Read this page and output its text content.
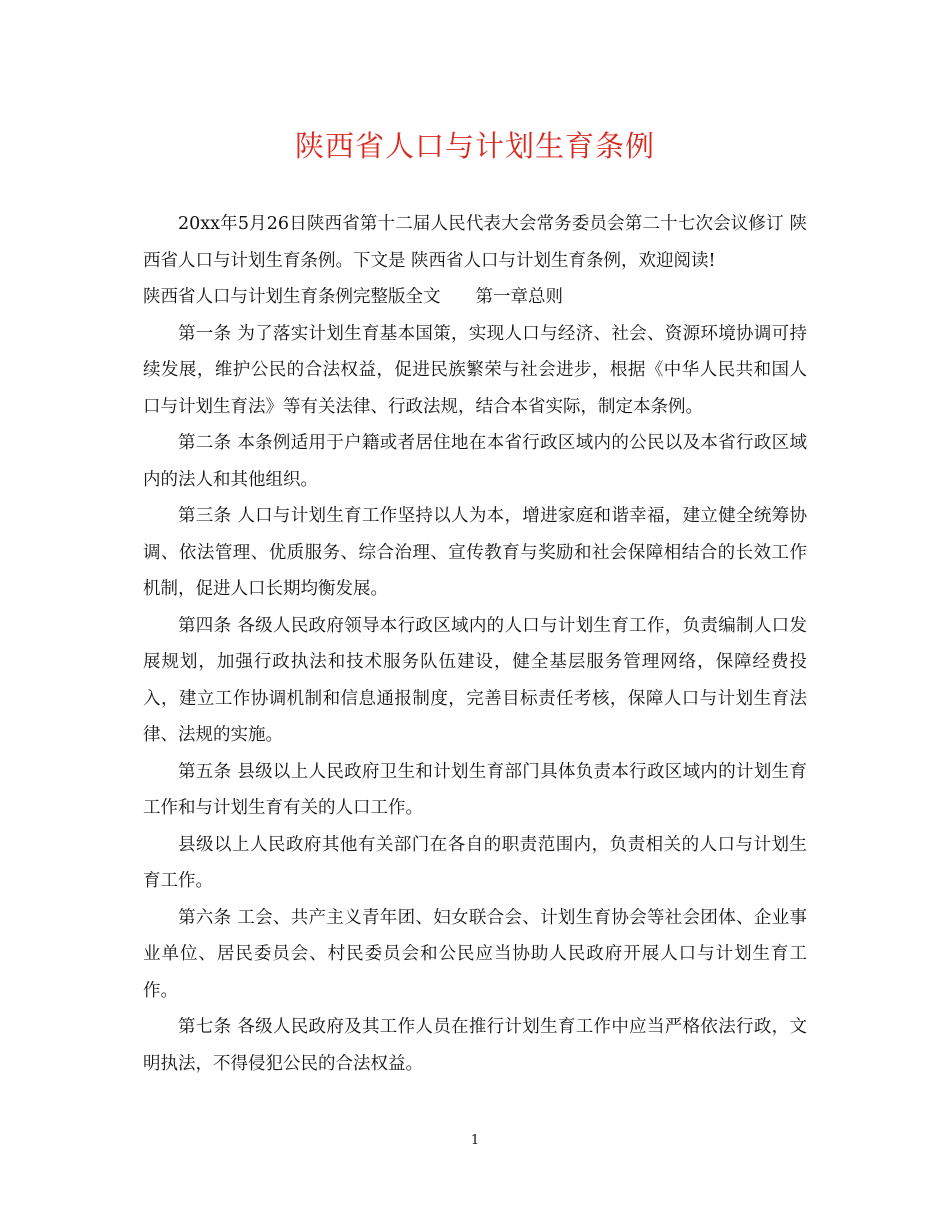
陕西省人口与计划生育条例

20xx年5月26日陕西省第十二届人民代表大会常务委员会第二十七次会议修订 陕西省人口与计划生育条例。下文是 陕西省人口与计划生育条例，欢迎阅读!

陕西省人口与计划生育条例完整版全文　　第一章总则

第一条 为了落实计划生育基本国策，实现人口与经济、社会、资源环境协调可持续发展，维护公民的合法权益，促进民族繁荣与社会进步，根据《中华人民共和国人口与计划生育法》等有关法律、行政法规，结合本省实际，制定本条例。

第二条 本条例适用于户籍或者居住地在本省行政区域内的公民以及本省行政区域内的法人和其他组织。

第三条 人口与计划生育工作坚持以人为本，增进家庭和谐幸福，建立健全统筹协调、依法管理、优质服务、综合治理、宣传教育与奖励和社会保障相结合的长效工作机制，促进人口长期均衡发展。

第四条 各级人民政府领导本行政区域内的人口与计划生育工作，负责编制人口发展规划，加强行政执法和技术服务队伍建设，健全基层服务管理网络，保障经费投入，建立工作协调机制和信息通报制度，完善目标责任考核，保障人口与计划生育法律、法规的实施。

第五条 县级以上人民政府卫生和计划生育部门具体负责本行政区域内的计划生育工作和与计划生育有关的人口工作。

县级以上人民政府其他有关部门在各自的职责范围内，负责相关的人口与计划生育工作。

第六条 工会、共产主义青年团、妇女联合会、计划生育协会等社会团体、企业事业单位、居民委员会、村民委员会和公民应当协助人民政府开展人口与计划生育工作。

第七条 各级人民政府及其工作人员在推行计划生育工作中应当严格依法行政，文明执法，不得侵犯公民的合法权益。

1
